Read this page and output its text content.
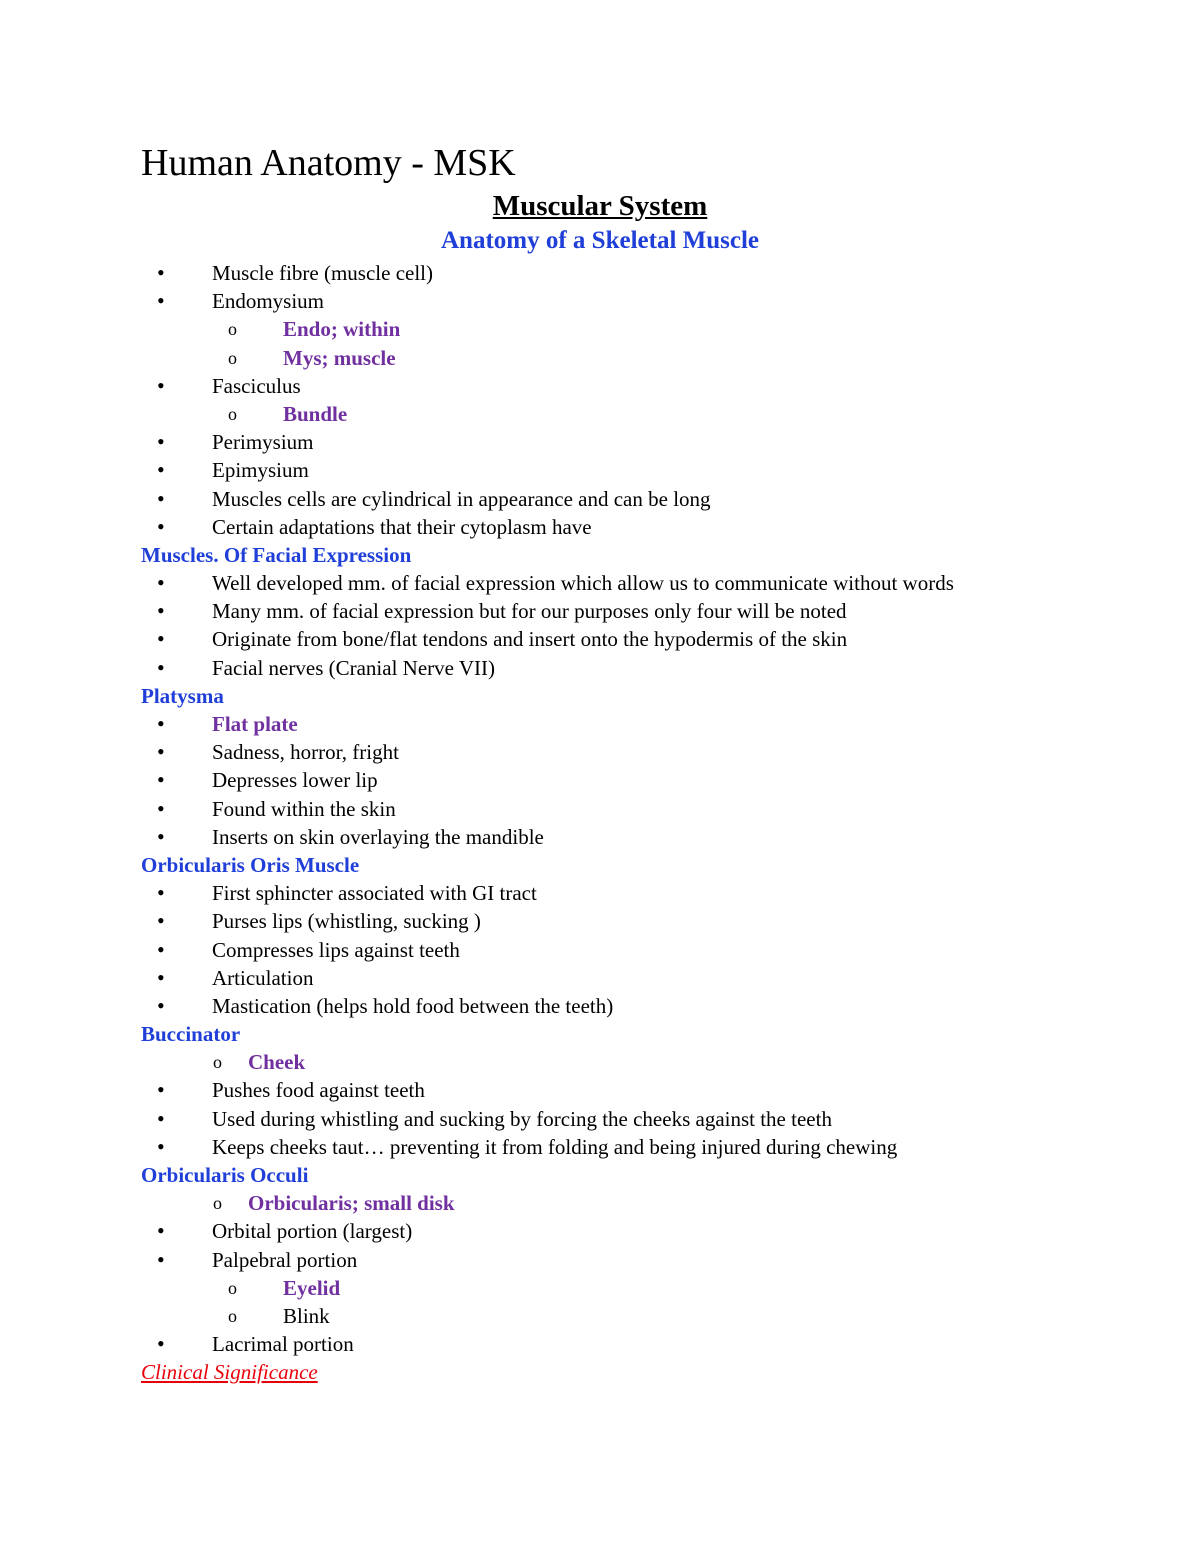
Human Anatomy - MSK
Muscular System
Anatomy of a Skeletal Muscle
• Muscle fibre (muscle cell)
• Endomysium
o Endo; within
o Mys; muscle
• Fasciculus
o Bundle
• Perimysium
• Epimysium
• Muscles cells are cylindrical in appearance and can be long
• Certain adaptations that their cytoplasm have
Muscles. Of Facial Expression
• Well developed mm. of facial expression which allow us to communicate without words
• Many mm. of facial expression but for our purposes only four will be noted
• Originate from bone/flat tendons and insert onto the hypodermis of the skin
• Facial nerves (Cranial Nerve VII)
Platysma
• Flat plate
• Sadness, horror, fright
• Depresses lower lip
• Found within the skin
• Inserts on skin overlaying the mandible
Orbicularis Oris Muscle
• First sphincter associated with GI tract
• Purses lips (whistling, sucking )
• Compresses lips against teeth
• Articulation
• Mastication (helps hold food between the teeth)
Buccinator
o Cheek
• Pushes food against teeth
• Used during whistling and sucking by forcing the cheeks against the teeth
• Keeps cheeks taut… preventing it from folding and being injured during chewing
Orbicularis Occuli
o Orbicularis; small disk
• Orbital portion (largest)
• Palpebral portion
o Eyelid
o Blink
• Lacrimal portion
Clinical Significance
